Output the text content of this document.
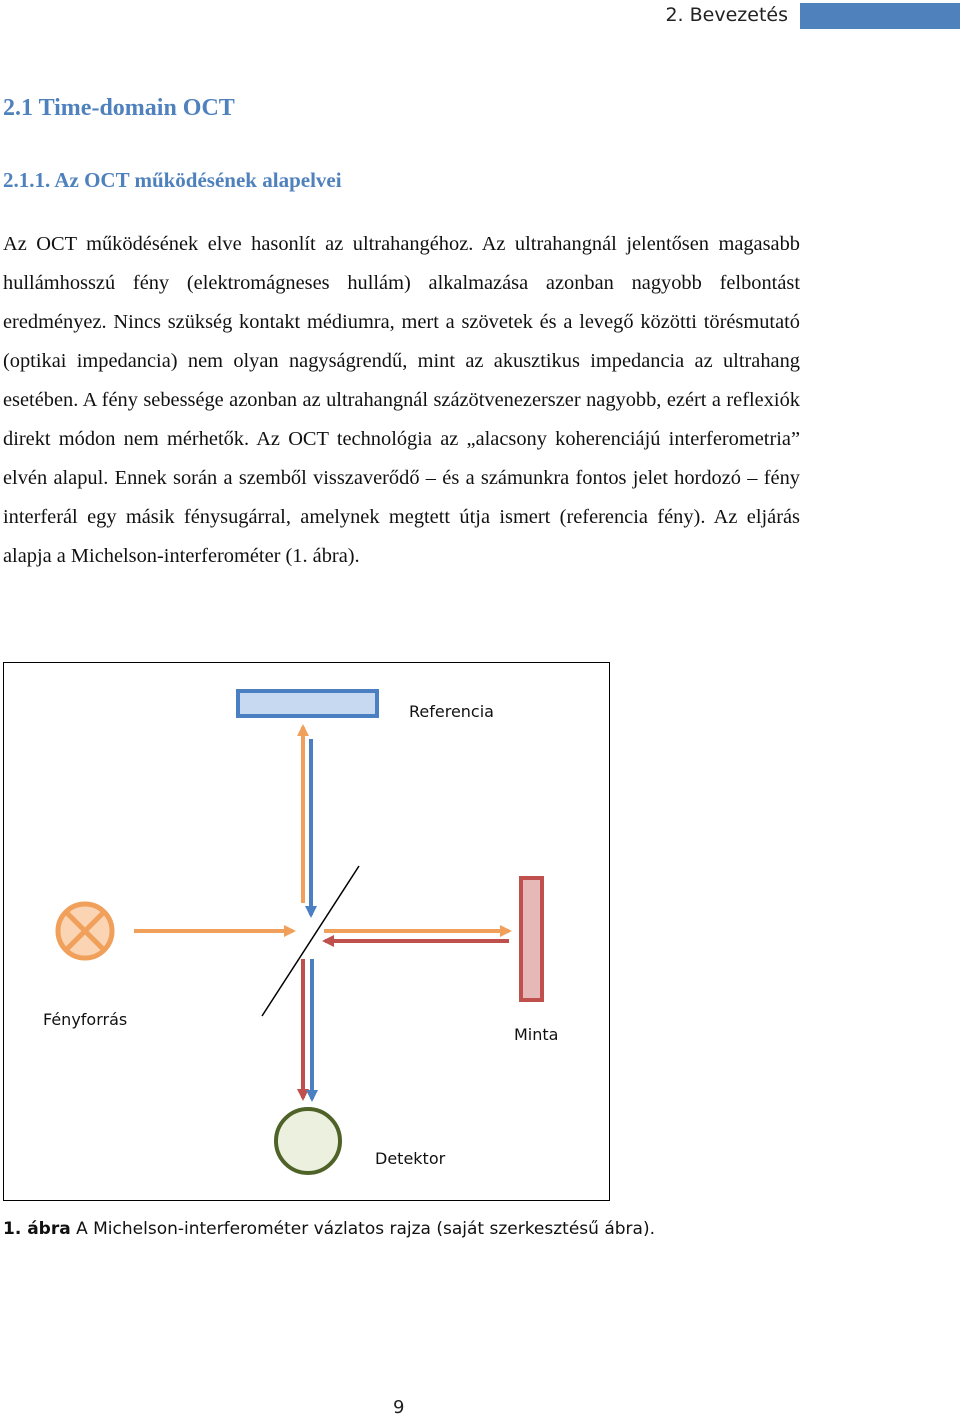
2. Bevezetés
2.1 Time-domain OCT
2.1.1. Az OCT működésének alapelvei

Az OCT működésének elve hasonlít az ultrahangéhoz. Az ultrahangnál jelentősen magasabb hullámhosszú fény (elektromágneses hullám) alkalmazása azonban nagyobb felbontást eredményez. Nincs szükség kontakt médiumra, mert a szövetek és a levegő közötti törésmutató (optikai impedancia) nem olyan nagyságrendű, mint az akusztikus impedancia az ultrahang esetében. A fény sebessége azonban az ultrahangnál százötvenezerszer nagyobb, ezért a reflexiók direkt módon nem mérhetők. Az OCT technológia az „alacsony koherenciájú interferometria” elvén alapul. Ennek során a szemből visszaverődő – és a számunkra fontos jelet hordozó – fény interferál egy másik fénysugárral, amelynek megtett útja ismert (referencia fény). Az eljárás alapja a Michelson-interferométer (1. ábra).

Referencia
Fényforrás
Minta
Detektor
1. ábra A Michelson-interferométer vázlatos rajza (saját szerkesztésű ábra).
9
